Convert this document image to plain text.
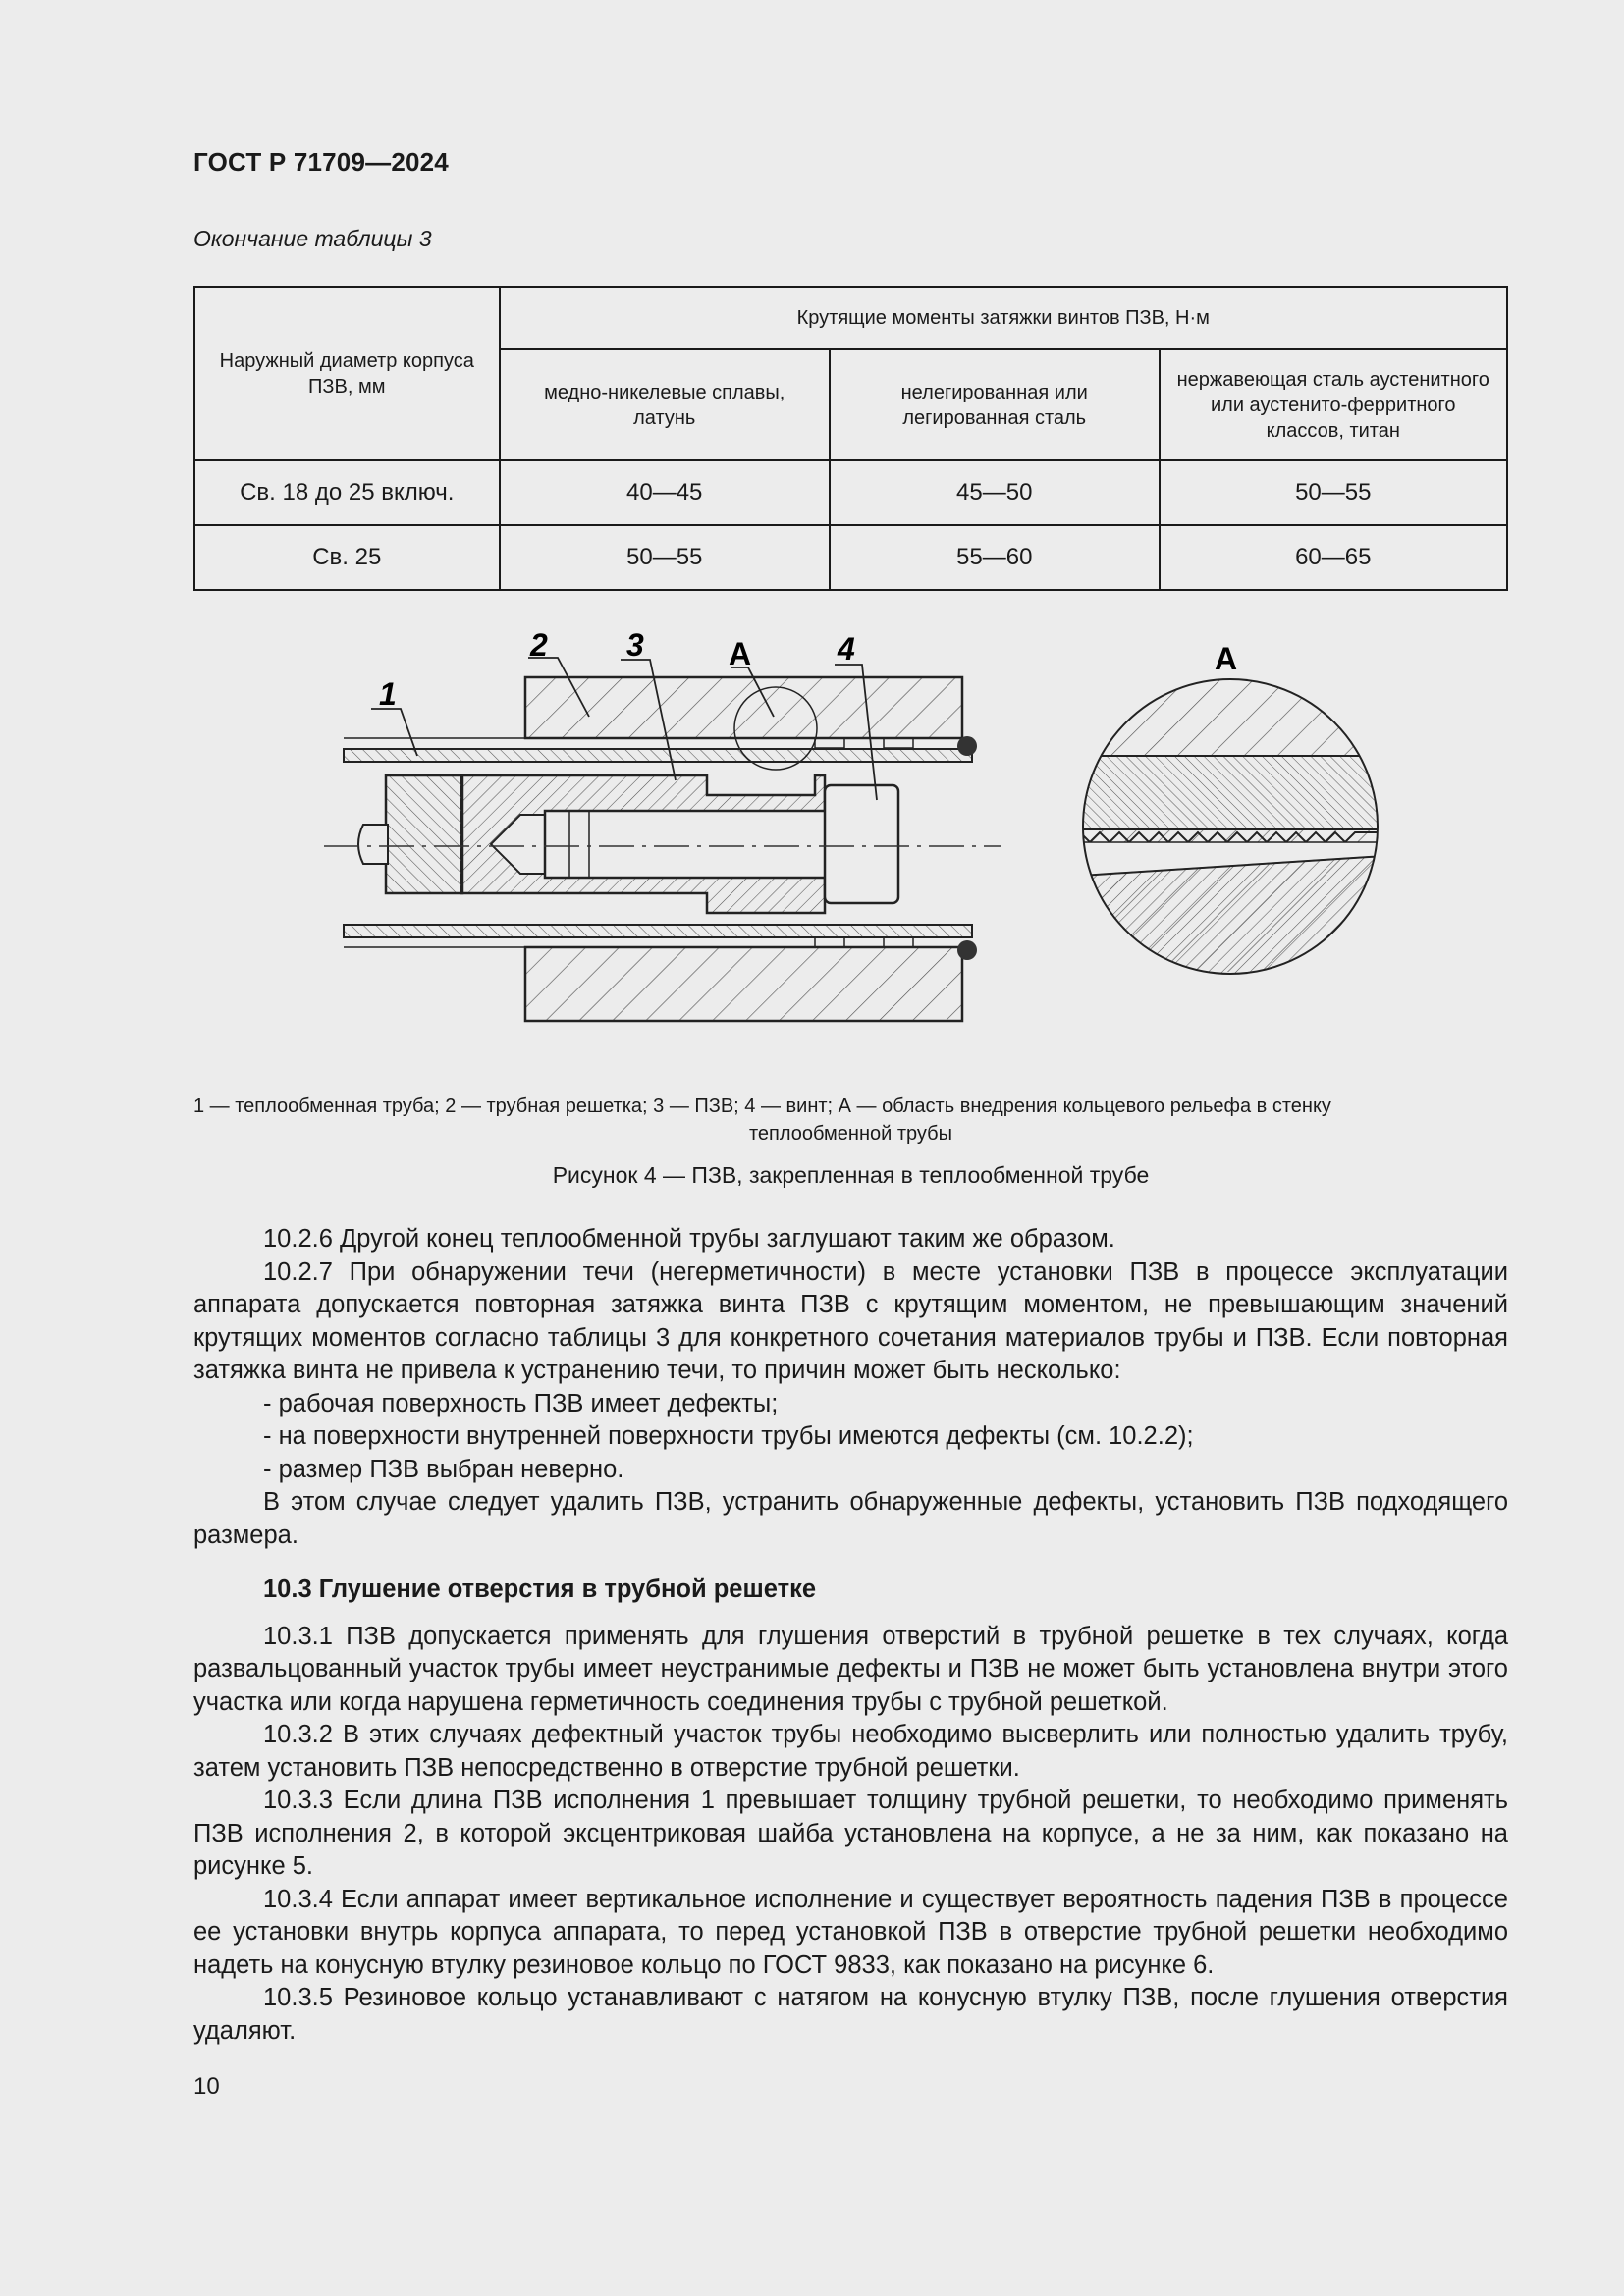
ГОСТ Р 71709—2024
Окончание таблицы 3
Наружный диаметр корпуса ПЗВ, мм	Крутящие моменты затяжки винтов ПЗВ, Н·м		
	медно-никелевые сплавы, латунь	нелегированная или легированная сталь	нержавеющая сталь аустенитного или аустенито-ферритного классов, титан
Св. 18 до 25 включ.	40—45	45—50	50—55
Св. 25	50—55	55—60	60—65
1
2	3	А	4	А
1 — теплообменная труба; 2 — трубная решетка; 3 — ПЗВ; 4 — винт; А — область внедрения кольцевого рельефа в стенку
теплообменной трубы
Рисунок 4 — ПЗВ, закрепленная в теплообменной трубе

10.2.6 Другой конец теплообменной трубы заглушают таким же образом.

10.2.7 При обнаружении течи (негерметичности) в месте установки ПЗВ в процессе эксплуатации аппарата допускается повторная затяжка винта ПЗВ с крутящим моментом, не превышающим значений крутящих моментов согласно таблицы 3 для конкретного сочетания материалов трубы и ПЗВ. Если повторная затяжка винта не привела к устранению течи, то причин может быть несколько:

- рабочая поверхность ПЗВ имеет дефекты;

- на поверхности внутренней поверхности трубы имеются дефекты (см. 10.2.2);

- размер ПЗВ выбран неверно.

В этом случае следует удалить ПЗВ, устранить обнаруженные дефекты, установить ПЗВ подходящего размера.

10.3 Глушение отверстия в трубной решетке

10.3.1 ПЗВ допускается применять для глушения отверстий в трубной решетке в тех случаях, когда развальцованный участок трубы имеет неустранимые дефекты и ПЗВ не может быть установлена внутри этого участка или когда нарушена герметичность соединения трубы с трубной решеткой.

10.3.2 В этих случаях дефектный участок трубы необходимо высверлить или полностью удалить трубу, затем установить ПЗВ непосредственно в отверстие трубной решетки.

10.3.3 Если длина ПЗВ исполнения 1 превышает толщину трубной решетки, то необходимо применять ПЗВ исполнения 2, в которой эксцентриковая шайба установлена на корпусе, а не за ним, как показано на рисунке 5.

10.3.4 Если аппарат имеет вертикальное исполнение и существует вероятность падения ПЗВ в процессе ее установки внутрь корпуса аппарата, то перед установкой ПЗВ в отверстие трубной решетки необходимо надеть на конусную втулку резиновое кольцо по ГОСТ 9833, как показано на рисунке 6.

10.3.5 Резиновое кольцо устанавливают с натягом на конусную втулку ПЗВ, после глушения отверстия удаляют.

10
